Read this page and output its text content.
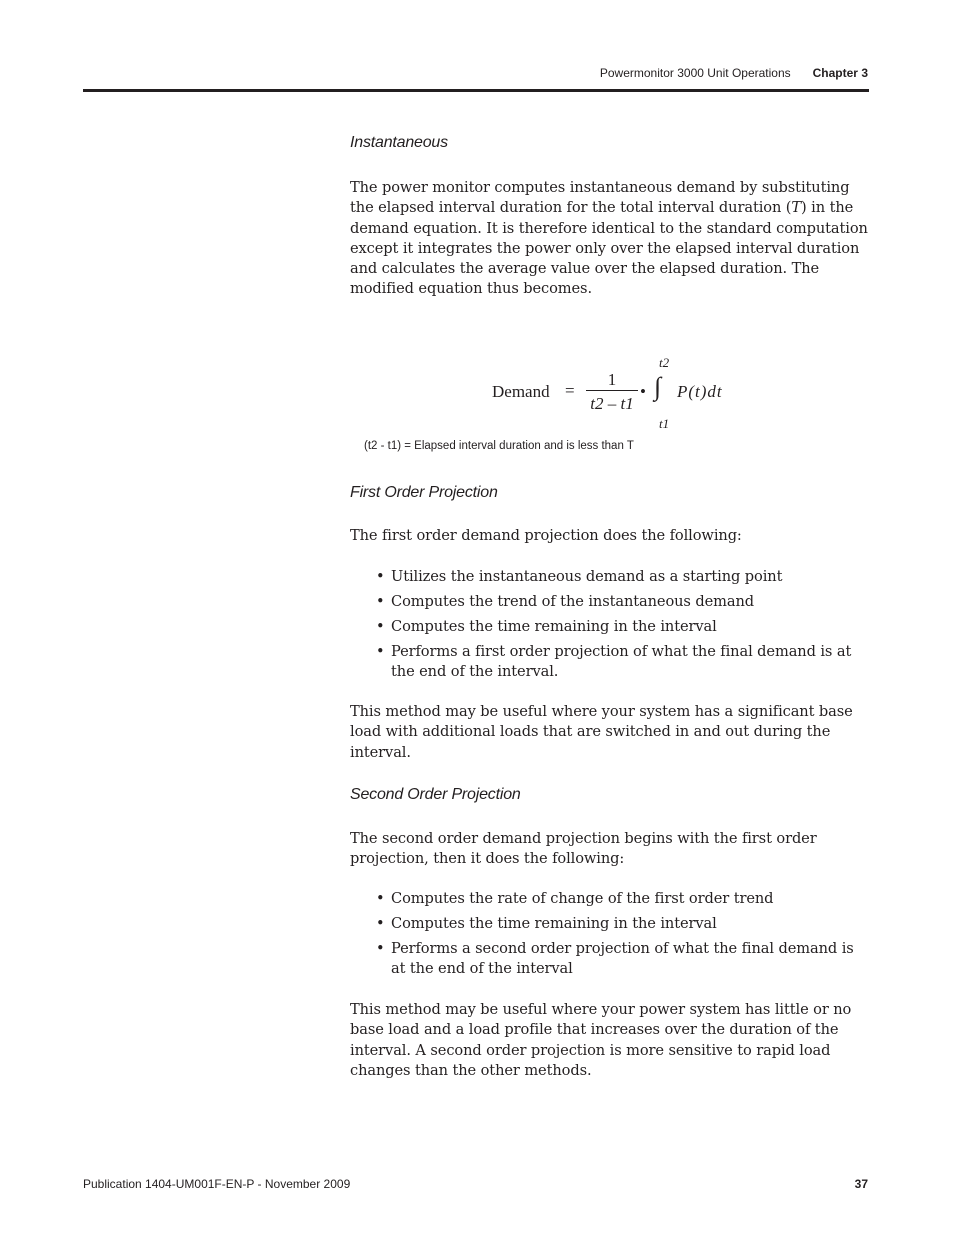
Powermonitor 3000 Unit Operations Chapter 3
Instantaneous

The power monitor computes instantaneous demand by substituting the elapsed interval duration for the total interval duration (T) in the demand equation. It is therefore identical to the standard computation except it integrates the power only over the elapsed interval duration and calculates the average value over the elapsed duration. The modified equation thus becomes.

Demand =
1
t2 – t1
•
t2
∫
t1
P(t)dt
(t2 - t1) = Elapsed interval duration and is less than T
First Order Projection

The first order demand projection does the following:

• Utilizes the instantaneous demand as a starting point
• Computes the trend of the instantaneous demand
• Computes the time remaining in the interval
• Performs a first order projection of what the final demand is at the end of the interval.

This method may be useful where your system has a significant base load with additional loads that are switched in and out during the interval.

Second Order Projection

The second order demand projection begins with the first order projection, then it does the following:

• Computes the rate of change of the first order trend
• Computes the time remaining in the interval
• Performs a second order projection of what the final demand is at the end of the interval

This method may be useful where your power system has little or no base load and a load profile that increases over the duration of the interval. A second order projection is more sensitive to rapid load changes than the other methods.

Publication 1404-UM001F-EN-P - November 2009	37
